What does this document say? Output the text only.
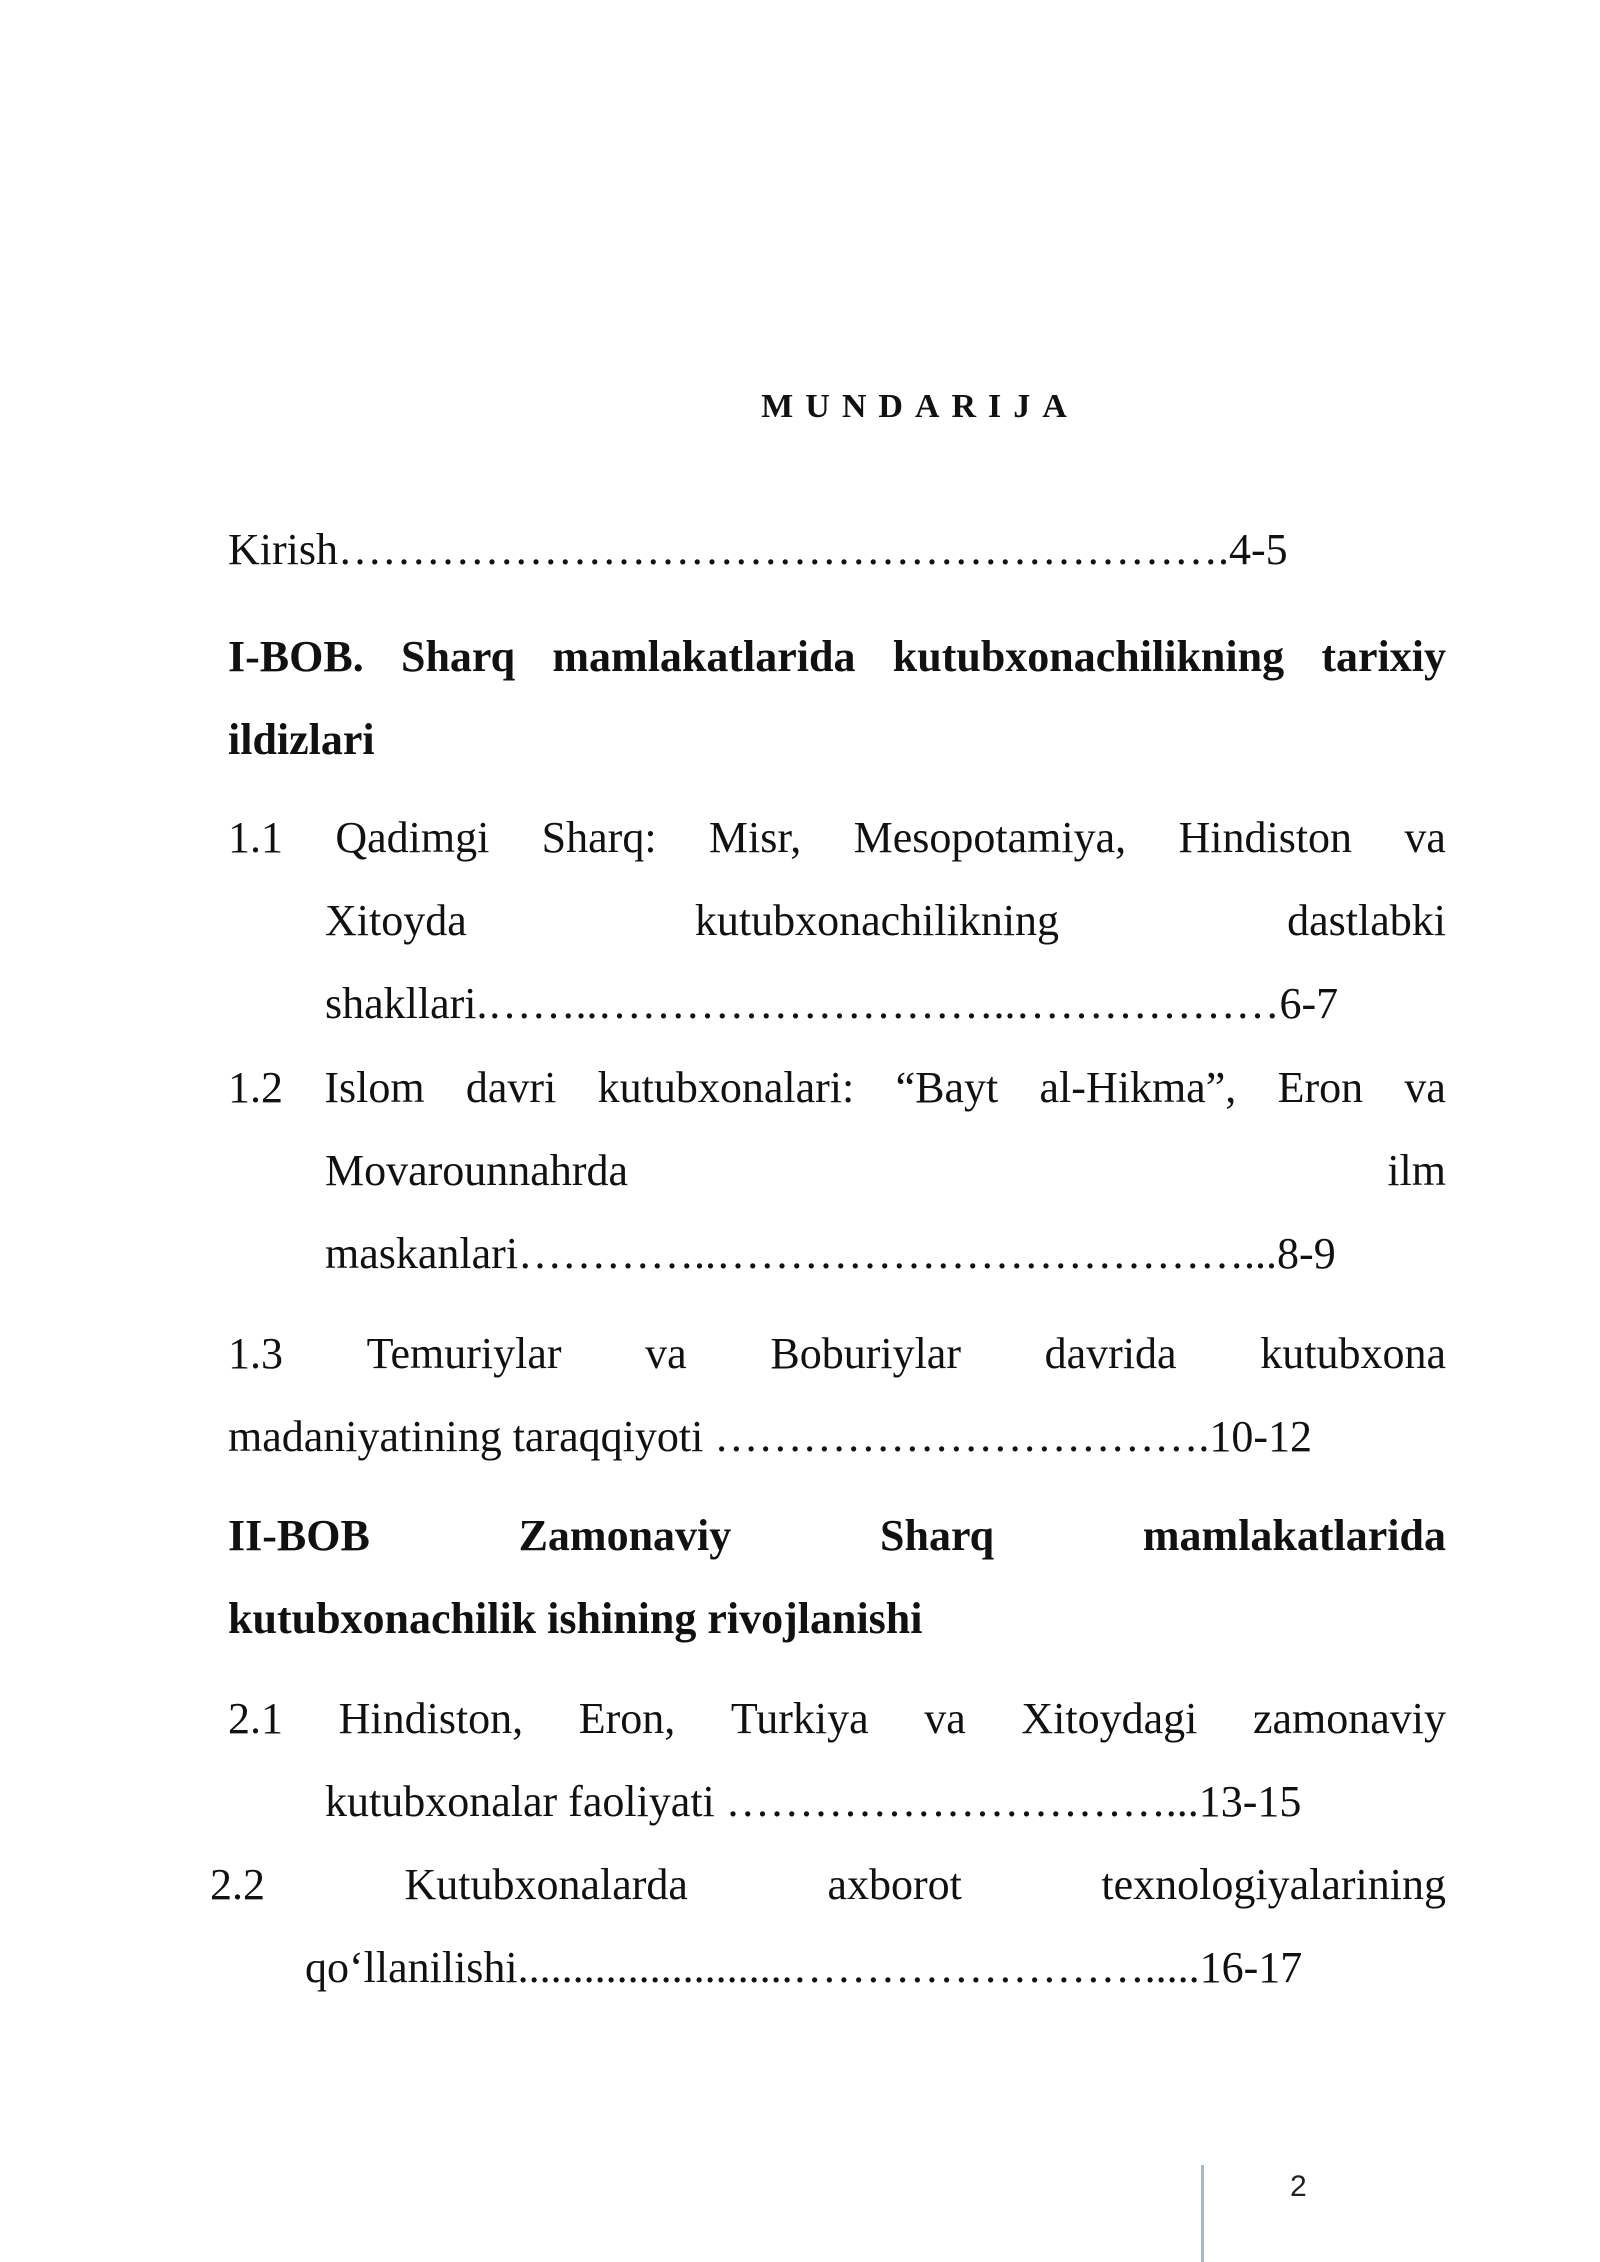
MUNDARIJA
Kirish…………………………………………………….4-5
I-BOB. Sharq mamlakatlarida kutubxonachilikning tarixiy
ildizlari
1.1 Qadimgi Sharq: Misr, Mesopotamiya, Hindiston va
Xitoyda	kutubxonachilikning	dastlabki
shakllari.……..………………………..………………6-7
1.2 Islom davri kutubxonalari: “Bayt al-Hikma”, Eron va
Movarounnahrda	ilm
maskanlari…………..………………………………...8-9
1.3 Temuriylar va Boburiylar davrida kutubxona
madaniyatining taraqqiyoti …………………………….10-12
II-BOB	Zamonaviy	Sharq	mamlakatlarida
kutubxonachilik ishining rivojlanishi
2.1 Hindiston, Eron, Turkiya va Xitoydagi zamonaviy
kutubxonalar faoliyati …………………………...13-15
2.2	Kutubxonalarda	axborot	texnologiyalarining
qo‘llanilishi.........................…………………….....16-17
2
